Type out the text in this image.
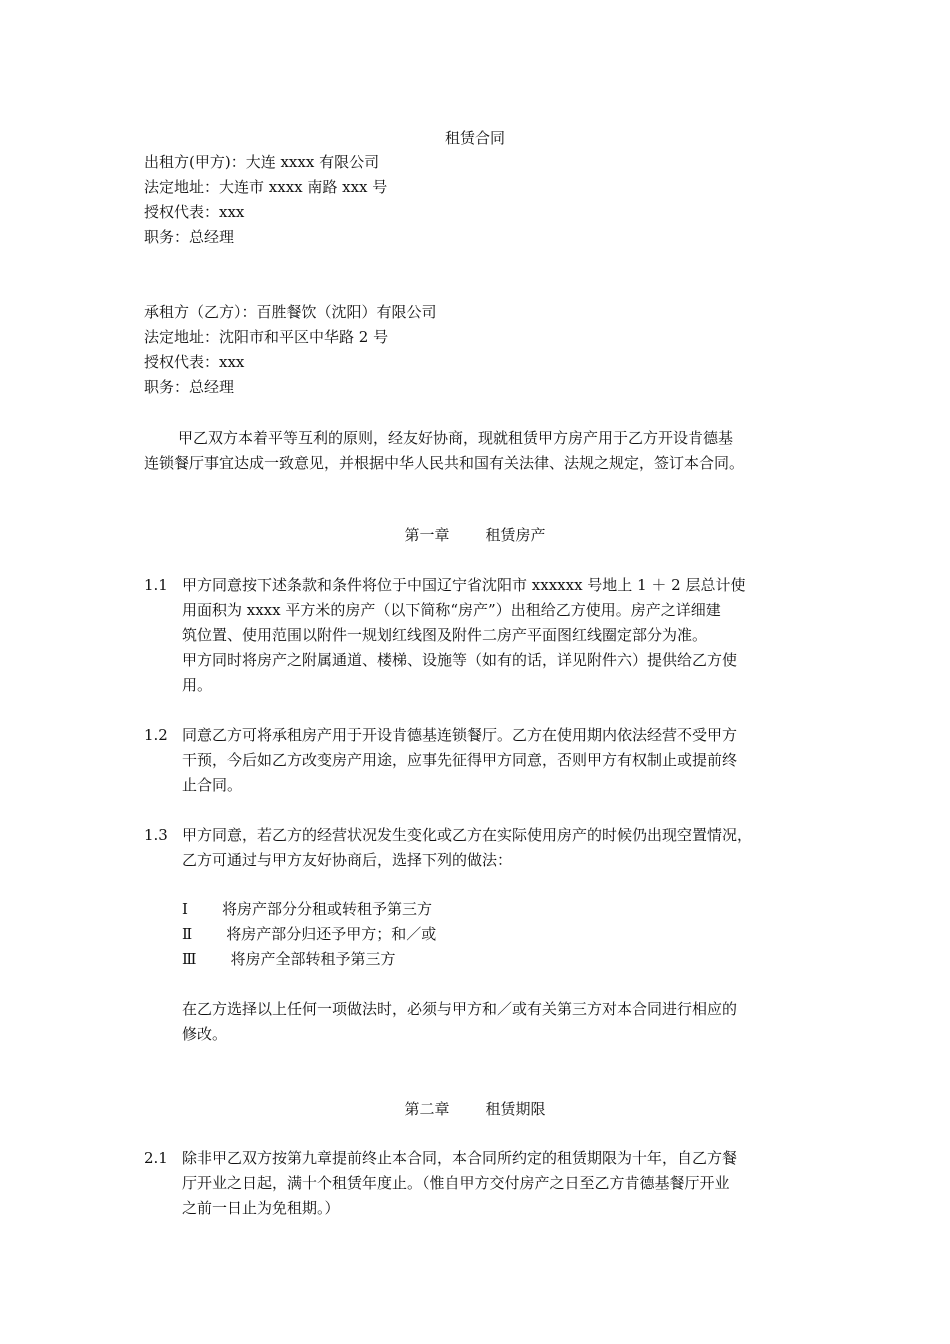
租赁合同
出租方(甲方)：大连 xxxx 有限公司
法定地址：大连市 xxxx 南路 xxx 号
授权代表：xxx
职务：总经理
承租方（乙方）：百胜餐饮（沈阳）有限公司
法定地址：沈阳市和平区中华路 2 号
授权代表：xxx
职务：总经理
甲乙双方本着平等互利的原则，经友好协商，现就租赁甲方房产用于乙方开设肯德基
连锁餐厅事宜达成一致意见，并根据中华人民共和国有关法律、法规之规定，签订本合同。
第一章 租赁房产
1.1 甲方同意按下述条款和条件将位于中国辽宁省沈阳市 xxxxxx 号地上 1 ＋ 2 层总计使
用面积为 xxxx 平方米的房产（以下简称“房产”）出租给乙方使用。房产之详细建
筑位置、使用范围以附件一规划红线图及附件二房产平面图红线圈定部分为准。
甲方同时将房产之附属通道、楼梯、设施等（如有的话，详见附件六）提供给乙方使
用。
1.2 同意乙方可将承租房产用于开设肯德基连锁餐厅。乙方在使用期内依法经营不受甲方
干预，今后如乙方改变房产用途，应事先征得甲方同意，否则甲方有权制止或提前终
止合同。
1.3 甲方同意，若乙方的经营状况发生变化或乙方在实际使用房产的时候仍出现空置情况，
乙方可通过与甲方友好协商后，选择下列的做法：
Ⅰ 将房产部分分租或转租予第三方
Ⅱ 将房产部分归还予甲方；和／或
Ⅲ 将房产全部转租予第三方
在乙方选择以上任何一项做法时，必须与甲方和／或有关第三方对本合同进行相应的
修改。
第二章 租赁期限
2.1 除非甲乙双方按第九章提前终止本合同，本合同所约定的租赁期限为十年，自乙方餐
厅开业之日起，满十个租赁年度止。（惟自甲方交付房产之日至乙方肯德基餐厅开业
之前一日止为免租期。）
